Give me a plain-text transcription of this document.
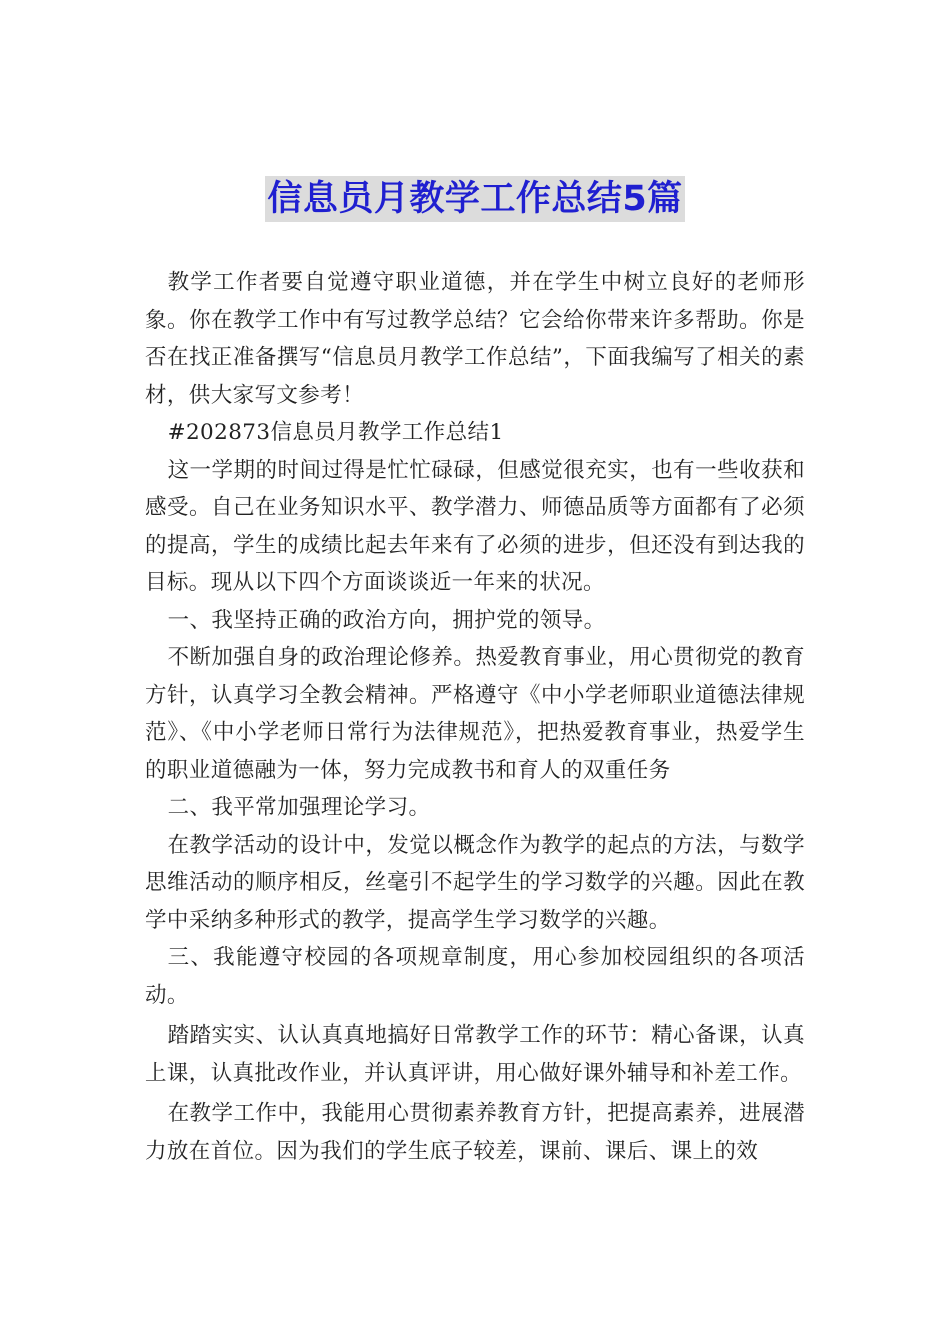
信息员月教学工作总结5篇

教学工作者要自觉遵守职业道德，并在学生中树立良好的老师形象。你在教学工作中有写过教学总结？它会给你带来许多帮助。你是否在找正准备撰写“信息员月教学工作总结”，下面我编写了相关的素材，供大家写文参考！

#202873信息员月教学工作总结1

这一学期的时间过得是忙忙碌碌，但感觉很充实，也有一些收获和感受。自己在业务知识水平、教学潜力、师德品质等方面都有了必须的提高，学生的成绩比起去年来有了必须的进步，但还没有到达我的目标。现从以下四个方面谈谈近一年来的状况。

一、我坚持正确的政治方向，拥护党的领导。

不断加强自身的政治理论修养。热爱教育事业，用心贯彻党的教育方针，认真学习全教会精神。严格遵守《中小学老师职业道德法律规范》、《中小学老师日常行为法律规范》，把热爱教育事业，热爱学生的职业道德融为一体，努力完成教书和育人的双重任务

二、我平常加强理论学习。

在教学活动的设计中，发觉以概念作为教学的起点的方法，与数学思维活动的顺序相反，丝毫引不起学生的学习数学的兴趣。因此在教学中采纳多种形式的教学，提高学生学习数学的兴趣。

三、我能遵守校园的各项规章制度，用心参加校园组织的各项活动。

踏踏实实、认认真真地搞好日常教学工作的环节：精心备课，认真上课，认真批改作业，并认真评讲，用心做好课外辅导和补差工作。

在教学工作中，我能用心贯彻素养教育方针，把提高素养，进展潜力放在首位。因为我们的学生底子较差，课前、课后、课上的效
